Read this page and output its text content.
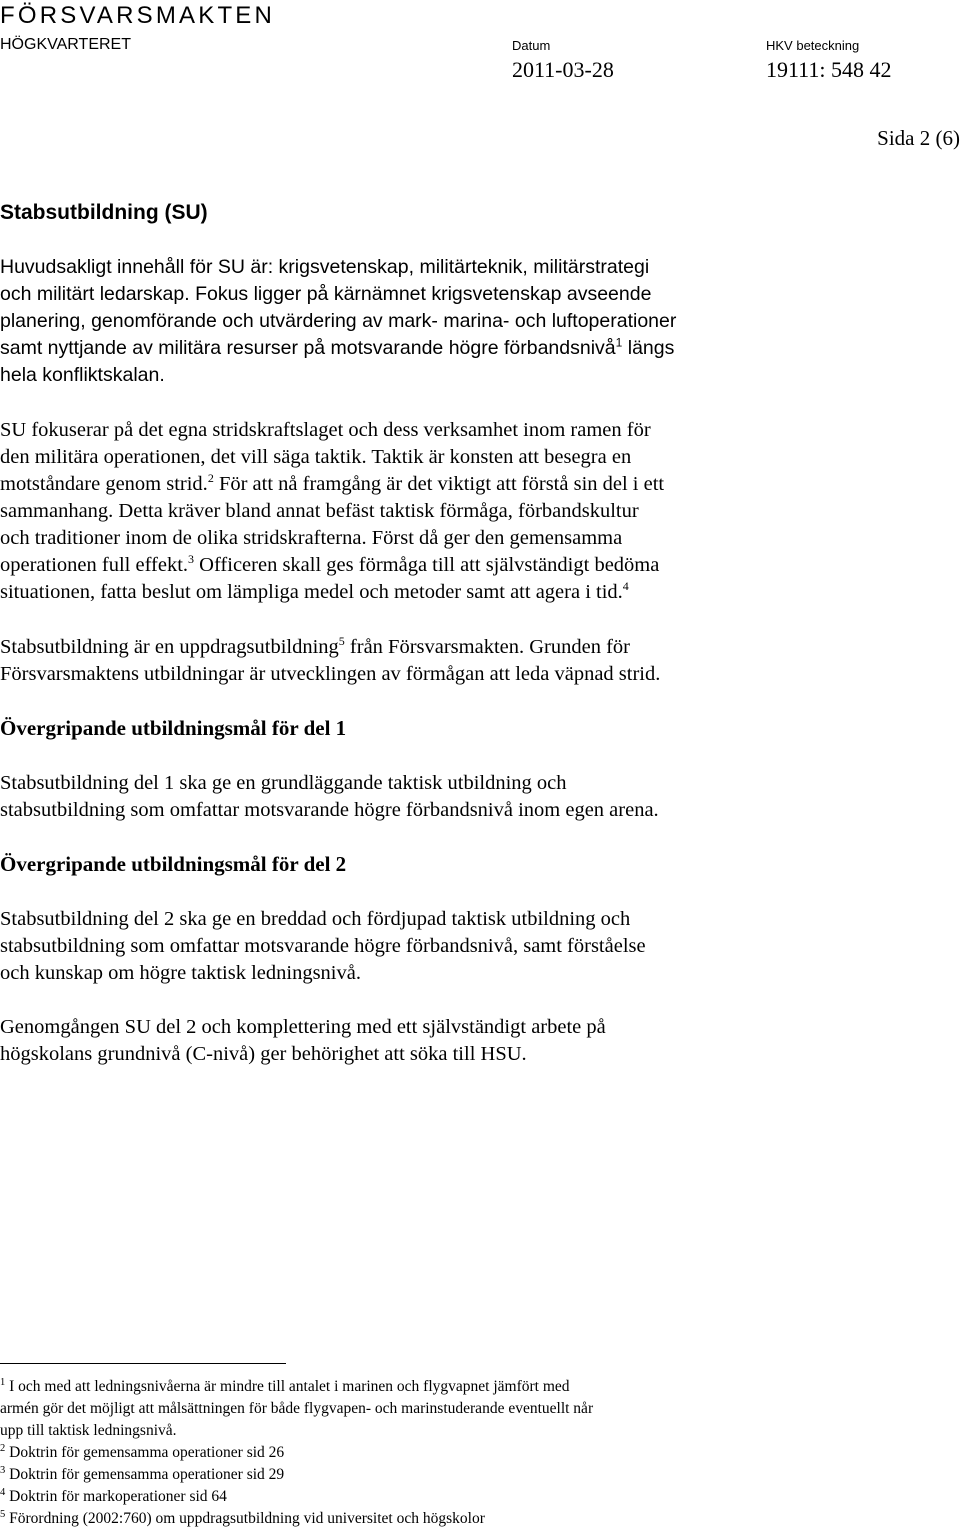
FÖRSVARSMAKTEN
HÖGKVARTERET	Datum
2011-03-28
HKV beteckning
19111: 548 42
Sida 2 (6)
Stabsutbildning (SU)
Huvudsakligt innehåll för SU är: krigsvetenskap, militärteknik, militärstrategi
och militärt ledarskap. Fokus ligger på kärnämnet krigsvetenskap avseende
planering, genomförande och utvärdering av mark- marina- och luftoperationer
samt nyttjande av militära resurser på motsvarande högre förbandsnivå$^1$ längs
hela konfliktskalan.
SU fokuserar på det egna stridskraftslaget och dess verksamhet inom ramen för
den militära operationen, det vill säga taktik. Taktik är konsten att besegra en
motståndare genom strid.$^2$ För att nå framgång är det viktigt att förstå sin del i ett
sammanhang. Detta kräver bland annat befäst taktisk förmåga, förbandskultur
och traditioner inom de olika stridskrafterna. Först då ger den gemensamma
operationen full effekt.$^3$ Officeren skall ges förmåga till att självständigt bedöma
situationen, fatta beslut om lämpliga medel och metoder samt att agera i tid.$^4$
Stabsutbildning är en uppdragsutbildning$^5$ från Försvarsmakten. Grunden för
Försvarsmaktens utbildningar är utvecklingen av förmågan att leda väpnad strid.
Övergripande utbildningsmål för del 1
Stabsutbildning del 1 ska ge en grundläggande taktisk utbildning och
stabsutbildning som omfattar motsvarande högre förbandsnivå inom egen arena.
Övergripande utbildningsmål för del 2
Stabsutbildning del 2 ska ge en breddad och fördjupad taktisk utbildning och
stabsutbildning som omfattar motsvarande högre förbandsnivå, samt förståelse
och kunskap om högre taktisk ledningsnivå.
Genomgången SU del 2 och komplettering med ett självständigt arbete på
högskolans grundnivå (C-nivå) ger behörighet att söka till HSU.
$^1$ I och med att ledningsnivåerna är mindre till antalet i marinen och flygvapnet jämfört med
armén gör det möjligt att målsättningen för både flygvapen- och marinstuderande eventuellt når
upp till taktisk ledningsnivå.
$^2$ Doktrin för gemensamma operationer sid 26
$^3$ Doktrin för gemensamma operationer sid 29
$^4$ Doktrin för markoperationer sid 64
$^5$ Förordning (2002:760) om uppdragsutbildning vid universitet och högskolor
